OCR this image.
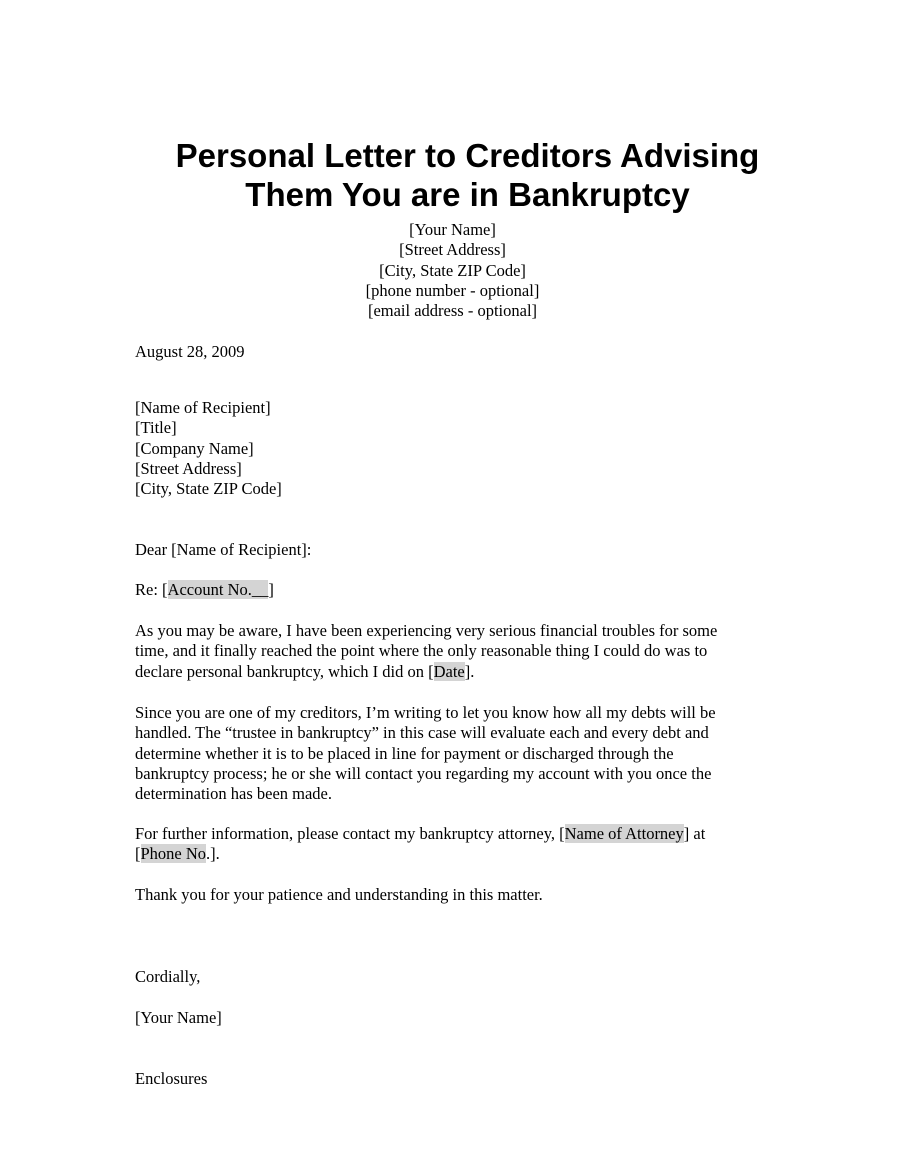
Personal Letter to Creditors Advising
Them You are in Bankruptcy
[Your Name]
[Street Address]
[City, State ZIP Code]
[phone number - optional]
[email address - optional]
August 28, 2009
[Name of Recipient]
[Title]
[Company Name]
[Street Address]
[City, State ZIP Code]
Dear [Name of Recipient]:
Re: [Account No.__]
As you may be aware, I have been experiencing very serious financial troubles for some
time, and it finally reached the point where the only reasonable thing I could do was to
declare personal bankruptcy, which I did on [Date].
Since you are one of my creditors, I’m writing to let you know how all my debts will be
handled. The “trustee in bankruptcy” in this case will evaluate each and every debt and
determine whether it is to be placed in line for payment or discharged through the
bankruptcy process; he or she will contact you regarding my account with you once the
determination has been made.
For further information, please contact my bankruptcy attorney, [Name of Attorney] at
[Phone No.].
Thank you for your patience and understanding in this matter.
Cordially,
[Your Name]
Enclosures
